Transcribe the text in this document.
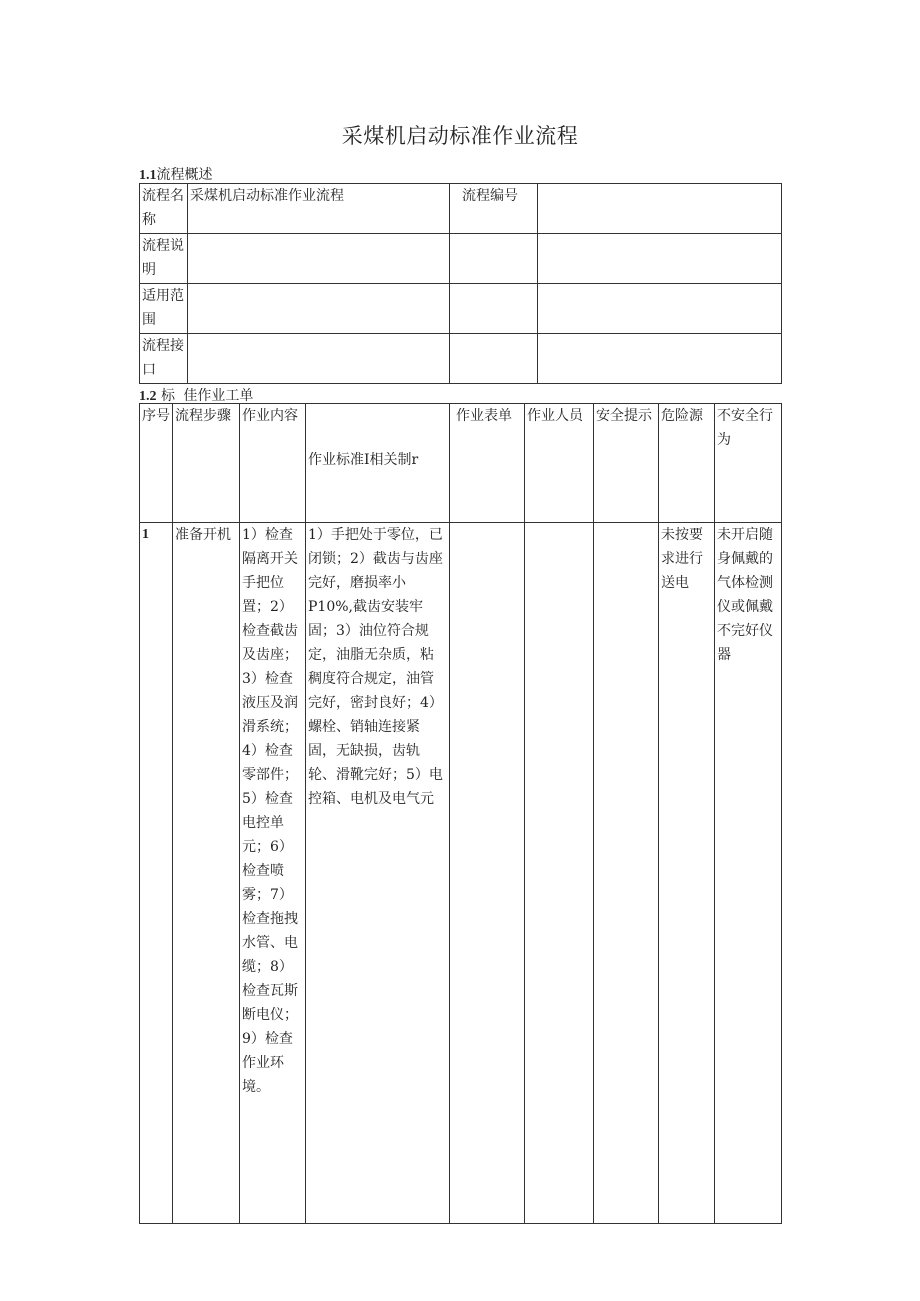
采煤机启动标准作业流程
1.1流程概述
流程名称	采煤机启动标准作业流程	流程编号	
流程说明			
适用范围			
流程接口			
1.2 标 佳作业工单
序号	流程步骤	作业内容	作业标准Ⅰ相关制r	作业表单	作业人员	安全提示	危险源	不安全行为
1	准备开机	1）检查隔离开关手把位置；2）检查截齿及齿座；3）检查液压及润滑系统；4）检查零部件；5）检查电控单元；6）检查喷雾；7）检查拖拽水管、电缆；8）检查瓦斯断电仪；9）检查作业环境。	1）手把处于零位，已闭锁；2）截齿与齿座完好，磨损率小P10%,截齿安装牢固；3）油位符合规定，油脂无杂质，粘稠度符合规定，油管完好，密封良好；4）螺栓、销轴连接紧固，无缺损，齿轨轮、滑靴完好；5）电控箱、电机及电气元				未按要求进行送电	未开启随身佩戴的气体检测仪或佩戴不完好仪器
